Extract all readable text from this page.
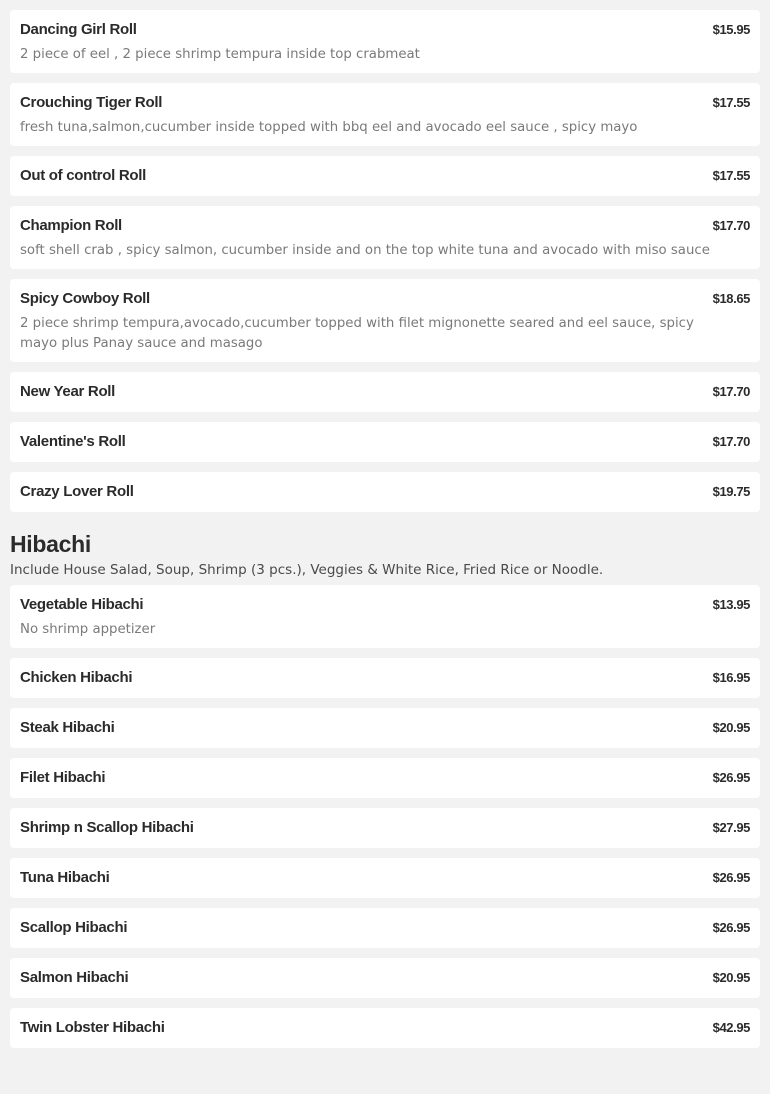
Dancing Girl Roll	$15.95
2 piece of eel , 2 piece shrimp tempura inside top crabmeat
Crouching Tiger Roll	$17.55
fresh tuna,salmon,cucumber inside topped with bbq eel and avocado eel sauce , spicy mayo
Out of control Roll	$17.55
Champion Roll	$17.70
soft shell crab , spicy salmon, cucumber inside and on the top white tuna and avocado with miso sauce
Spicy Cowboy Roll	$18.65
2 piece shrimp tempura,avocado,cucumber topped with filet mignonette seared and eel sauce, spicy mayo plus Panay sauce and masago
New Year Roll	$17.70
Valentine's Roll	$17.70
Crazy Lover Roll	$19.75
Hibachi
Include House Salad, Soup, Shrimp (3 pcs.), Veggies & White Rice, Fried Rice or Noodle.
Vegetable Hibachi	$13.95
No shrimp appetizer
Chicken Hibachi	$16.95
Steak Hibachi	$20.95
Filet Hibachi	$26.95
Shrimp n Scallop Hibachi	$27.95
Tuna Hibachi	$26.95
Scallop Hibachi	$26.95
Salmon Hibachi	$20.95
Twin Lobster Hibachi	$42.95
